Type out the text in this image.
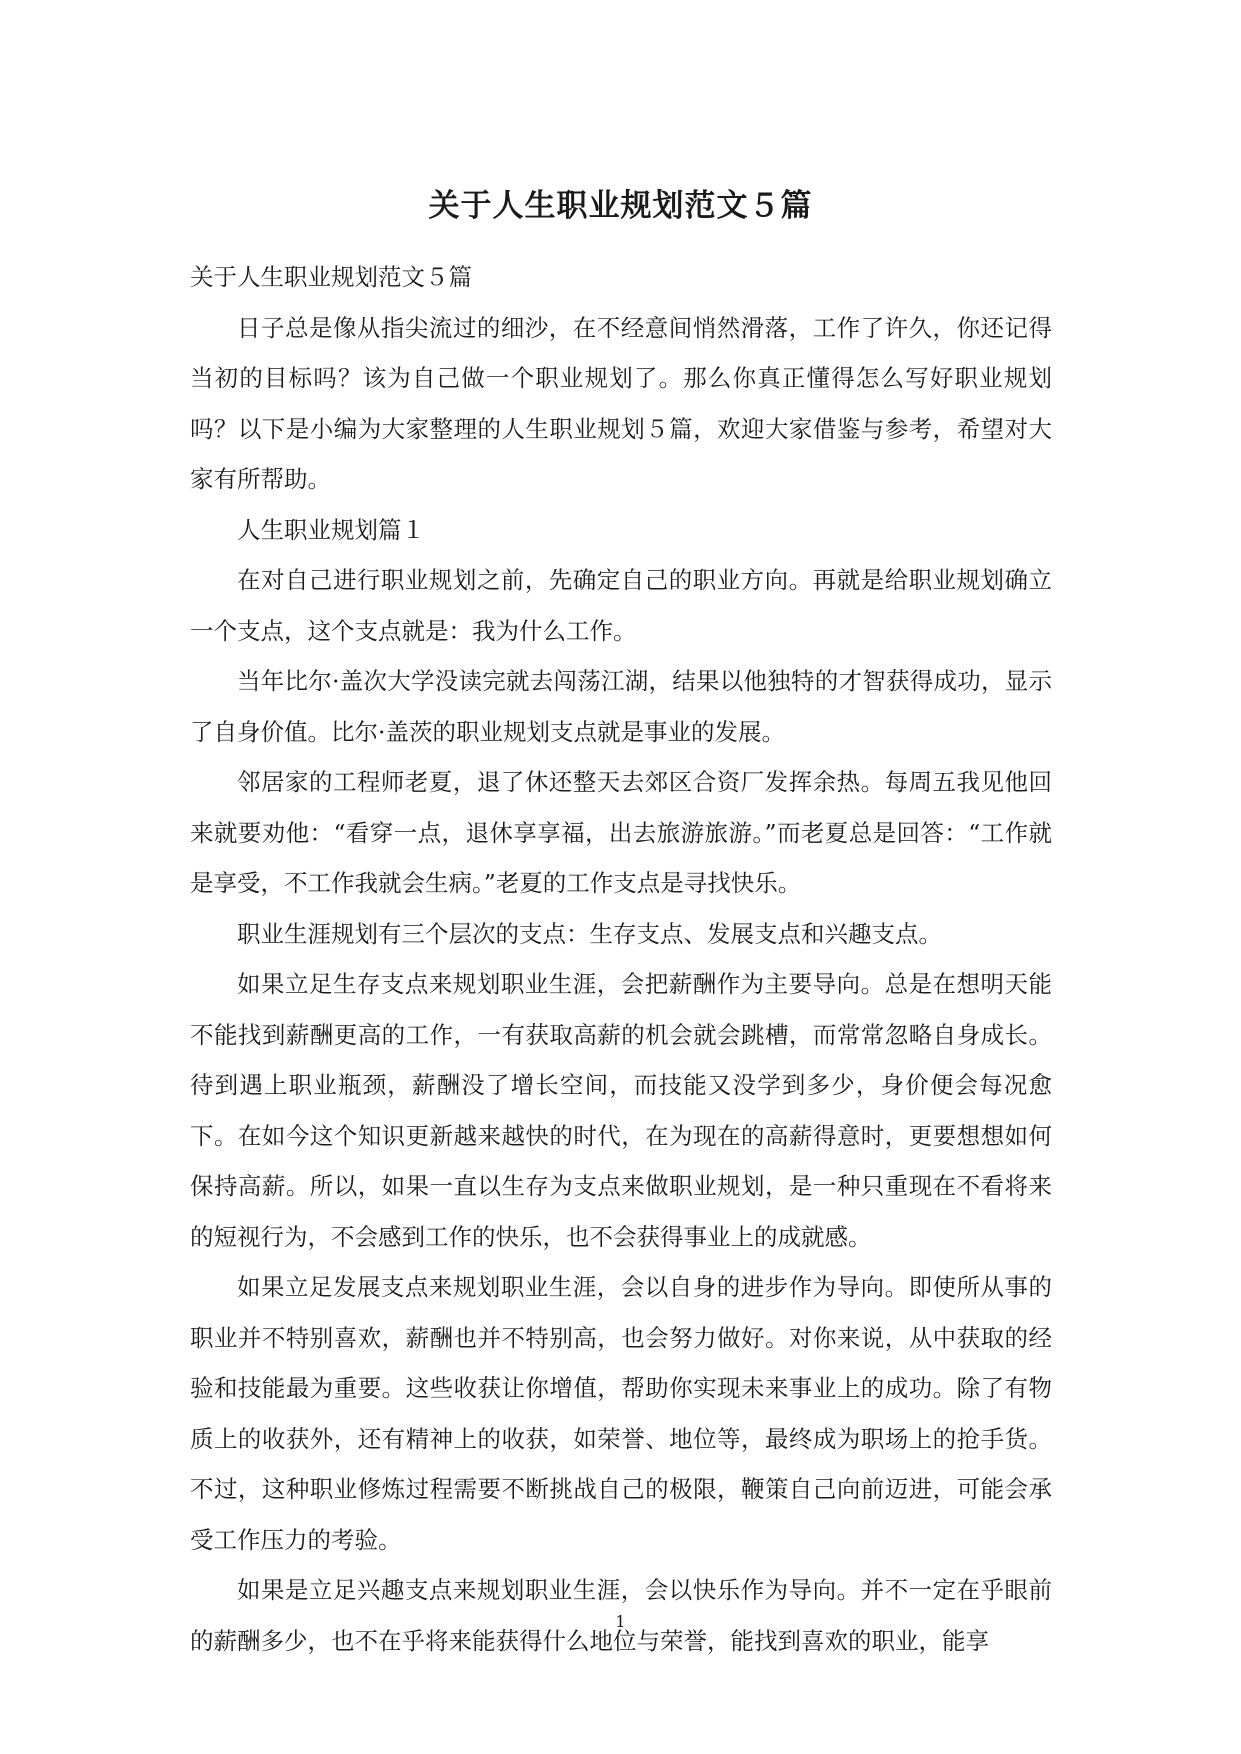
关于人生职业规划范文５篇

关于人生职业规划范文５篇

日子总是像从指尖流过的细沙，在不经意间悄然滑落，工作了许久，你还记得当初的目标吗？该为自己做一个职业规划了。那么你真正懂得怎么写好职业规划吗？以下是小编为大家整理的人生职业规划５篇，欢迎大家借鉴与参考，希望对大家有所帮助。

人生职业规划篇１

在对自己进行职业规划之前，先确定自己的职业方向。再就是给职业规划确立一个支点，这个支点就是：我为什么工作。

当年比尔·盖次大学没读完就去闯荡江湖，结果以他独特的才智获得成功，显示了自身价值。比尔·盖茨的职业规划支点就是事业的发展。

邻居家的工程师老夏，退了休还整天去郊区合资厂发挥余热。每周五我见他回来就要劝他：“看穿一点，退休享享福，出去旅游旅游。”而老夏总是回答：“工作就是享受，不工作我就会生病。”老夏的工作支点是寻找快乐。

职业生涯规划有三个层次的支点：生存支点、发展支点和兴趣支点。

如果立足生存支点来规划职业生涯，会把薪酬作为主要导向。总是在想明天能不能找到薪酬更高的工作，一有获取高薪的机会就会跳槽，而常常忽略自身成长。待到遇上职业瓶颈，薪酬没了增长空间，而技能又没学到多少，身价便会每况愈下。在如今这个知识更新越来越快的时代，在为现在的高薪得意时，更要想想如何保持高薪。所以，如果一直以生存为支点来做职业规划，是一种只重现在不看将来的短视行为，不会感到工作的快乐，也不会获得事业上的成就感。

如果立足发展支点来规划职业生涯，会以自身的进步作为导向。即使所从事的职业并不特别喜欢，薪酬也并不特别高，也会努力做好。对你来说，从中获取的经验和技能最为重要。这些收获让你增值，帮助你实现未来事业上的成功。除了有物质上的收获外，还有精神上的收获，如荣誉、地位等，最终成为职场上的抢手货。不过，这种职业修炼过程需要不断挑战自己的极限，鞭策自己向前迈进，可能会承受工作压力的考验。

如果是立足兴趣支点来规划职业生涯，会以快乐作为导向。并不一定在乎眼前的薪酬多少，也不在乎将来能获得什么地位与荣誉，能找到喜欢的职业，能享

1
